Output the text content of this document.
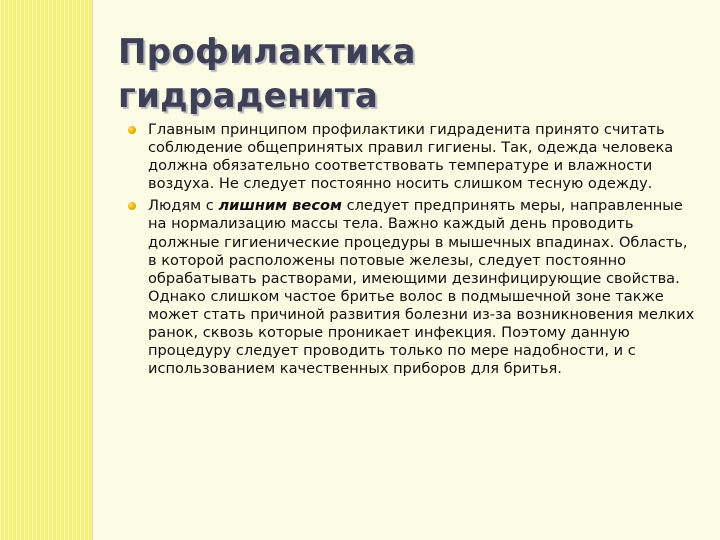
Профилактика
гидраденита
Главным принципом профилактики гидраденита принято считать соблюдение общепринятых правил гигиены. Так, одежда человека должна обязательно соответствовать температуре и влажности воздуха. Не следует постоянно носить слишком тесную одежду.
Людям с лишним весом следует предпринять меры, направленные на нормализацию массы тела. Важно каждый день проводить должные гигиенические процедуры в мышечных впадинах. Область, в которой расположены потовые железы, следует постоянно обрабатывать растворами, имеющими дезинфицирующие свойства. Однако слишком частое бритье волос в подмышечной зоне также может стать причиной развития болезни из-за возникновения мелких ранок, сквозь которые проникает инфекция. Поэтому данную процедуру следует проводить только по мере надобности, и с использованием качественных приборов для бритья.
